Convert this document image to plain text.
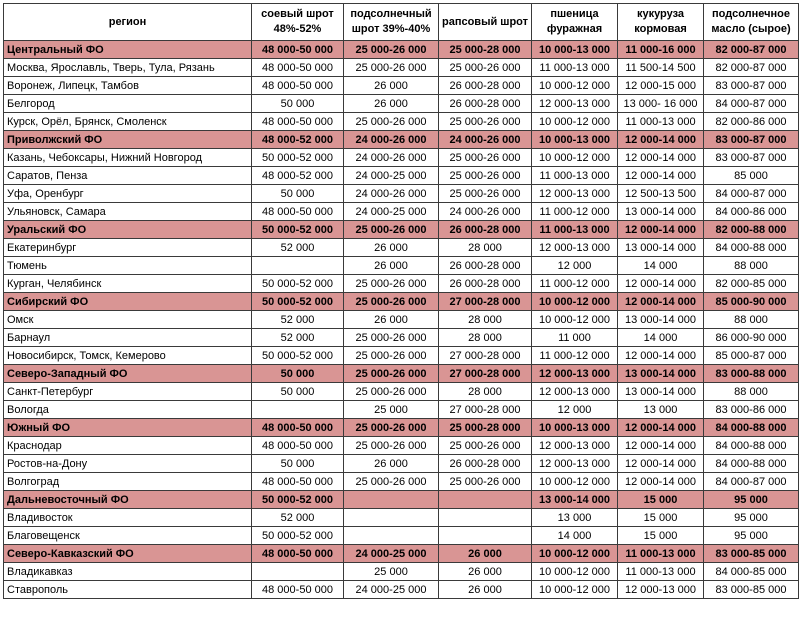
регион	соевый шрот 48%-52%	подсолнечный шрот 39%-40%	рапсовый шрот	пшеница фуражная	кукуруза кормовая	подсолнечное масло (сырое)
Центральный ФО	48 000-50 000	25 000-26 000	25 000-28 000	10 000-13 000	11 000-16 000	82 000-87 000
Москва, Ярославль, Тверь, Тула, Рязань	48 000-50 000	25 000-26 000	25 000-26 000	11 000-13 000	11 500-14 500	82 000-87 000
Воронеж, Липецк, Тамбов	48 000-50 000	26 000	26 000-28 000	10 000-12 000	12 000-15 000	83 000-87 000
Белгород	50 000	26 000	26 000-28 000	12 000-13 000	13 000- 16 000	84 000-87 000
Курск, Орёл, Брянск, Смоленск	48 000-50 000	25 000-26 000	25 000-26 000	10 000-12 000	11 000-13 000	82 000-86 000
Приволжский ФО	48 000-52 000	24 000-26 000	24 000-26 000	10 000-13 000	12 000-14 000	83 000-87 000
Казань, Чебоксары, Нижний Новгород	50 000-52 000	24 000-26 000	25 000-26 000	10 000-12 000	12 000-14 000	83 000-87 000
Саратов, Пенза	48 000-52 000	24 000-25 000	25 000-26 000	11 000-13 000	12 000-14 000	85 000
Уфа, Оренбург	50 000	24 000-26 000	25 000-26 000	12 000-13 000	12 500-13 500	84 000-87 000
Ульяновск, Самара	48 000-50 000	24 000-25 000	24 000-26 000	11 000-12 000	13 000-14 000	84 000-86 000
Уральский ФО	50 000-52 000	25 000-26 000	26 000-28 000	11 000-13 000	12 000-14 000	82 000-88 000
Екатеринбург	52 000	26 000	28 000	12 000-13 000	13 000-14 000	84 000-88 000
Тюмень		26 000	26 000-28 000	12 000	14 000	88 000
Курган, Челябинск	50 000-52 000	25 000-26 000	26 000-28 000	11 000-12 000	12 000-14 000	82 000-85 000
Сибирский ФО	50 000-52 000	25 000-26 000	27 000-28 000	10 000-12 000	12 000-14 000	85 000-90 000
Омск	52 000	26 000	28 000	10 000-12 000	13 000-14 000	88 000
Барнаул	52 000	25 000-26 000	28 000	11 000	14 000	86 000-90 000
Новосибирск, Томск, Кемерово	50 000-52 000	25 000-26 000	27 000-28 000	11 000-12 000	12 000-14 000	85 000-87 000
Северо-Западный ФО	50 000	25 000-26 000	27 000-28 000	12 000-13 000	13 000-14 000	83 000-88 000
Санкт-Петербург	50 000	25 000-26 000	28 000	12 000-13 000	13 000-14 000	88 000
Вологда		25 000	27 000-28 000	12 000	13 000	83 000-86 000
Южный ФО	48 000-50 000	25 000-26 000	25 000-28 000	10 000-13 000	12 000-14 000	84 000-88 000
Краснодар	48 000-50 000	25 000-26 000	25 000-26 000	12 000-13 000	12 000-14 000	84 000-88 000
Ростов-на-Дону	50 000	26 000	26 000-28 000	12 000-13 000	12 000-14 000	84 000-88 000
Волгоград	48 000-50 000	25 000-26 000	25 000-26 000	10 000-12 000	12 000-14 000	84 000-87 000
Дальневосточный ФО	50 000-52 000			13 000-14 000	15 000	95 000
Владивосток	52 000			13 000	15 000	95 000
Благовещенск	50 000-52 000			14 000	15 000	95 000
Северо-Кавказский ФО	48 000-50 000	24 000-25 000	26 000	10 000-12 000	11 000-13 000	83 000-85 000
Владикавказ		25 000	26 000	10 000-12 000	11 000-13 000	84 000-85 000
Ставрополь	48 000-50 000	24 000-25 000	26 000	10 000-12 000	12 000-13 000	83 000-85 000
